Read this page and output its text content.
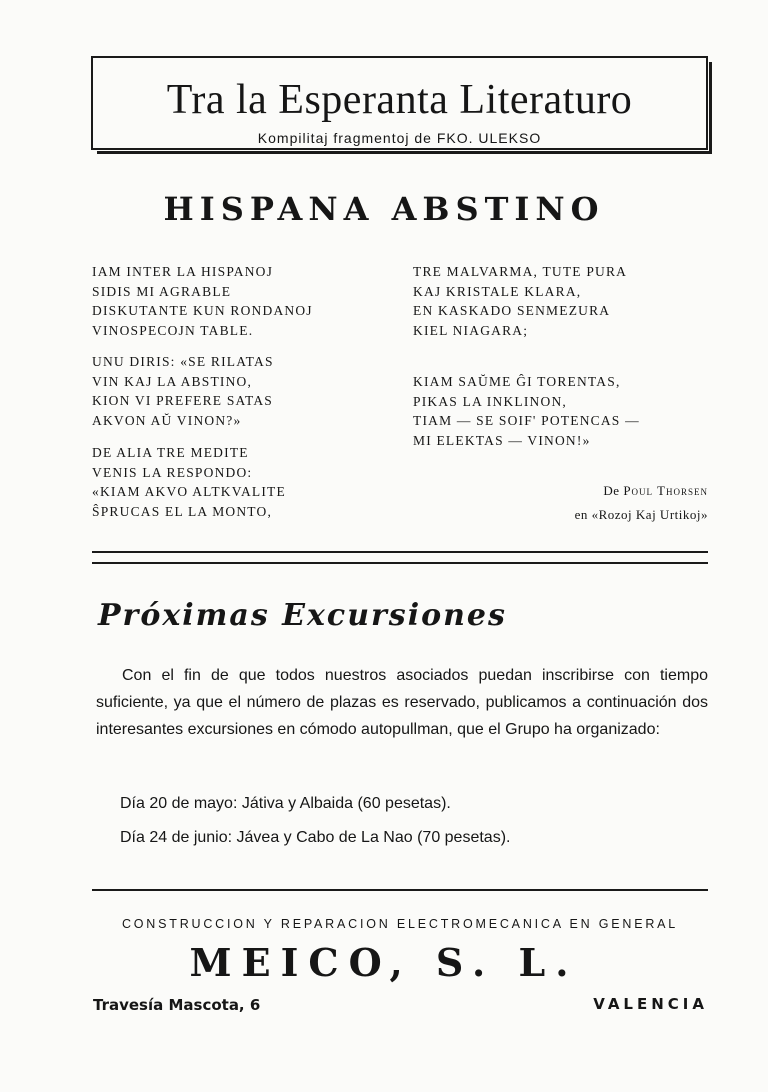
Tra la Esperanta Literaturo
Kompilitaj fragmentoj de FKO. ULEKSO
HISPANA ABSTINO
IAM INTER LA HISPANOJ
SIDIS MI AGRABLE
DISKUTANTE KUN RONDANOJ
VINOSPECOJN TABLE.
UNU DIRIS: «SE RILATAS
VIN KAJ LA ABSTINO,
KION VI PREFERE SATAS
AKVON AŬ VINON?»
DE ALIA TRE MEDITE
VENIS LA RESPONDO:
«KIAM AKVO ALTKVALITE
ŜPRUCAS EL LA MONTO,
TRE MALVARMA, TUTE PURA
KAJ KRISTALE KLARA,
EN KASKADO SENMEZURA
KIEL NIAGARA;
KIAM SAŬME ĜI TORENTAS,
PIKAS LA INKLINON,
TIAM — SE SOIF' POTENCAS —
MI ELEKTAS — VINON!»
De Poul Thorsen
en «Rozoj Kaj Urtikoj»
Próximas Excursiones
Con el fin de que todos nuestros asociados puedan inscribirse con tiempo suficiente, ya que el número de plazas es reservado, publicamos a continuación dos interesantes excursiones en cómodo autopullman, que el Grupo ha organizado:
Día 20 de mayo: Játiva y Albaida (60 pesetas).
Día 24 de junio: Jávea y Cabo de La Nao (70 pesetas).
CONSTRUCCION Y REPARACION ELECTROMECANICA EN GENERAL
MEICO, S. L.
Travesía Mascota, 6	VALENCIA
